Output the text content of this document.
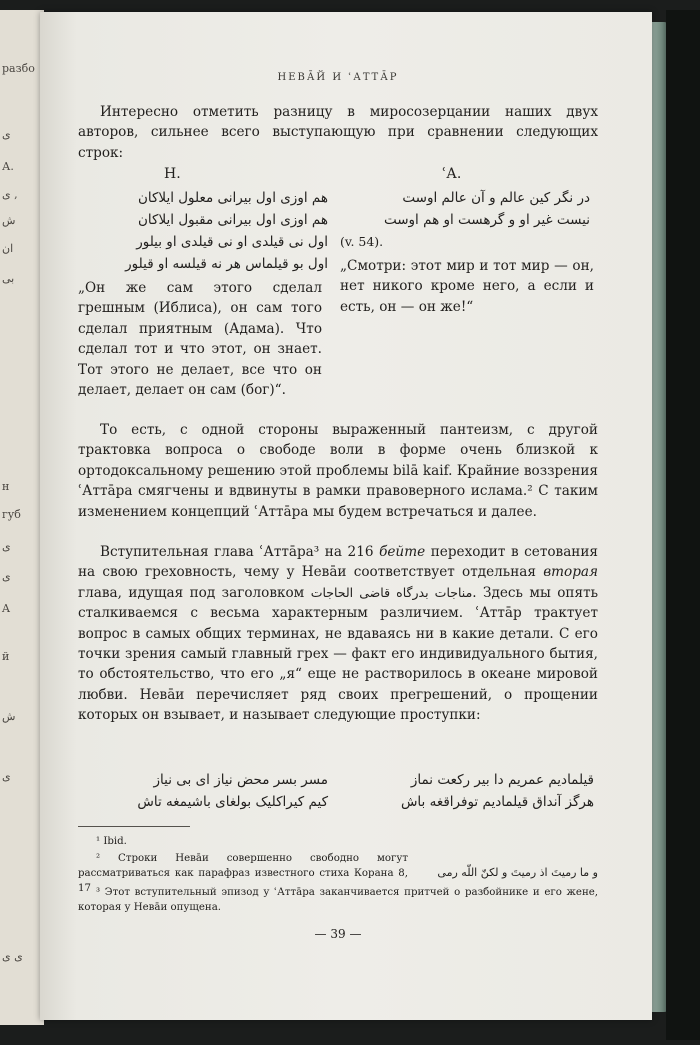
разбо
ی
А.
ی ,
ش
ان
بی
н
губ
ی
ی
A
й
ش
ی
ی ی
НЕВА̄Й И ʿАТТА̄Р
Интересно отметить разницу в миросозерцании наших двух авторов, сильнее всего выступающую при сравнении следующих строк:
Н.
هم اوزی اول بیرانی معلول ایلاکان
هم اوزی اول بیرانی مقبول ایلاکان
اول نی قیلدی او نی قیلدی او بیلور
اول بو قیلماس هر نه قیلسه او قیلور
„Он же сам этого сделал грешным (Иблиса), он сам того сделал приятным (Адама). Что сделал тот и что этот, он знает. Тот этого не делает, все что он делает, делает он сам (бог)“.
ʿА.
در نگر کین عالم و آن عالم اوست
نیست غیر او و گرهست او هم اوست
(v. 54).
„Смотри: этот мир и тот мир — он, нет никого кроме него, а если и есть, он — он же!“
То есть, с одной стороны выраженный пантеизм, с другой трактовка вопроса о свободе воли в форме очень близкой к ортодоксальному решению этой проблемы bilā kaif. Крайние воззрения ʿАттāра смягчены и вдвинуты в рамки правоверного ислама.² С таким изменением концепций ʿАттāра мы будем встречаться и далее.
Вступительная глава ʿАттāра³ на 216 бейте переходит в сетования на свою греховность, чему у Невāи соответствует отдельная вторая глава, идущая под заголовком مناجات بدرگاه قاضی الحاجات. Здесь мы опять сталкиваемся с весьма характерным различием. ʿАттāр трактует вопрос в самых общих терминах, не вдаваясь ни в какие детали. С его точки зрения самый главный грех — факт его индивидуального бытия, то обстоятельство, что его „я“ еще не растворилось в океане мировой любви. Невāи перечисляет ряд своих прегрешений, о прощении которых он взывает, и называет следующие проступки:
مسر بسر محض نیاز ای بی نیاز
کیم کیراکلیک بولغای باشیمغه تاش
قیلمادیم عمریم دا بیر رکعت نماز
هرگز آنداق قیلمادیم توفراقغه باش
¹ Ibid.
² Строки Невāи совершенно свободно могут рассматриваться как парафраз известного стиха Корана 8, 17
و ما رمیتَ اذ رمیتَ و لکنّ اللّه رمی
³ Этот вступительный эпизод у ʿАттāра заканчивается притчей о разбойнике и его жене, которая у Невāи опущена.
— 39 —
